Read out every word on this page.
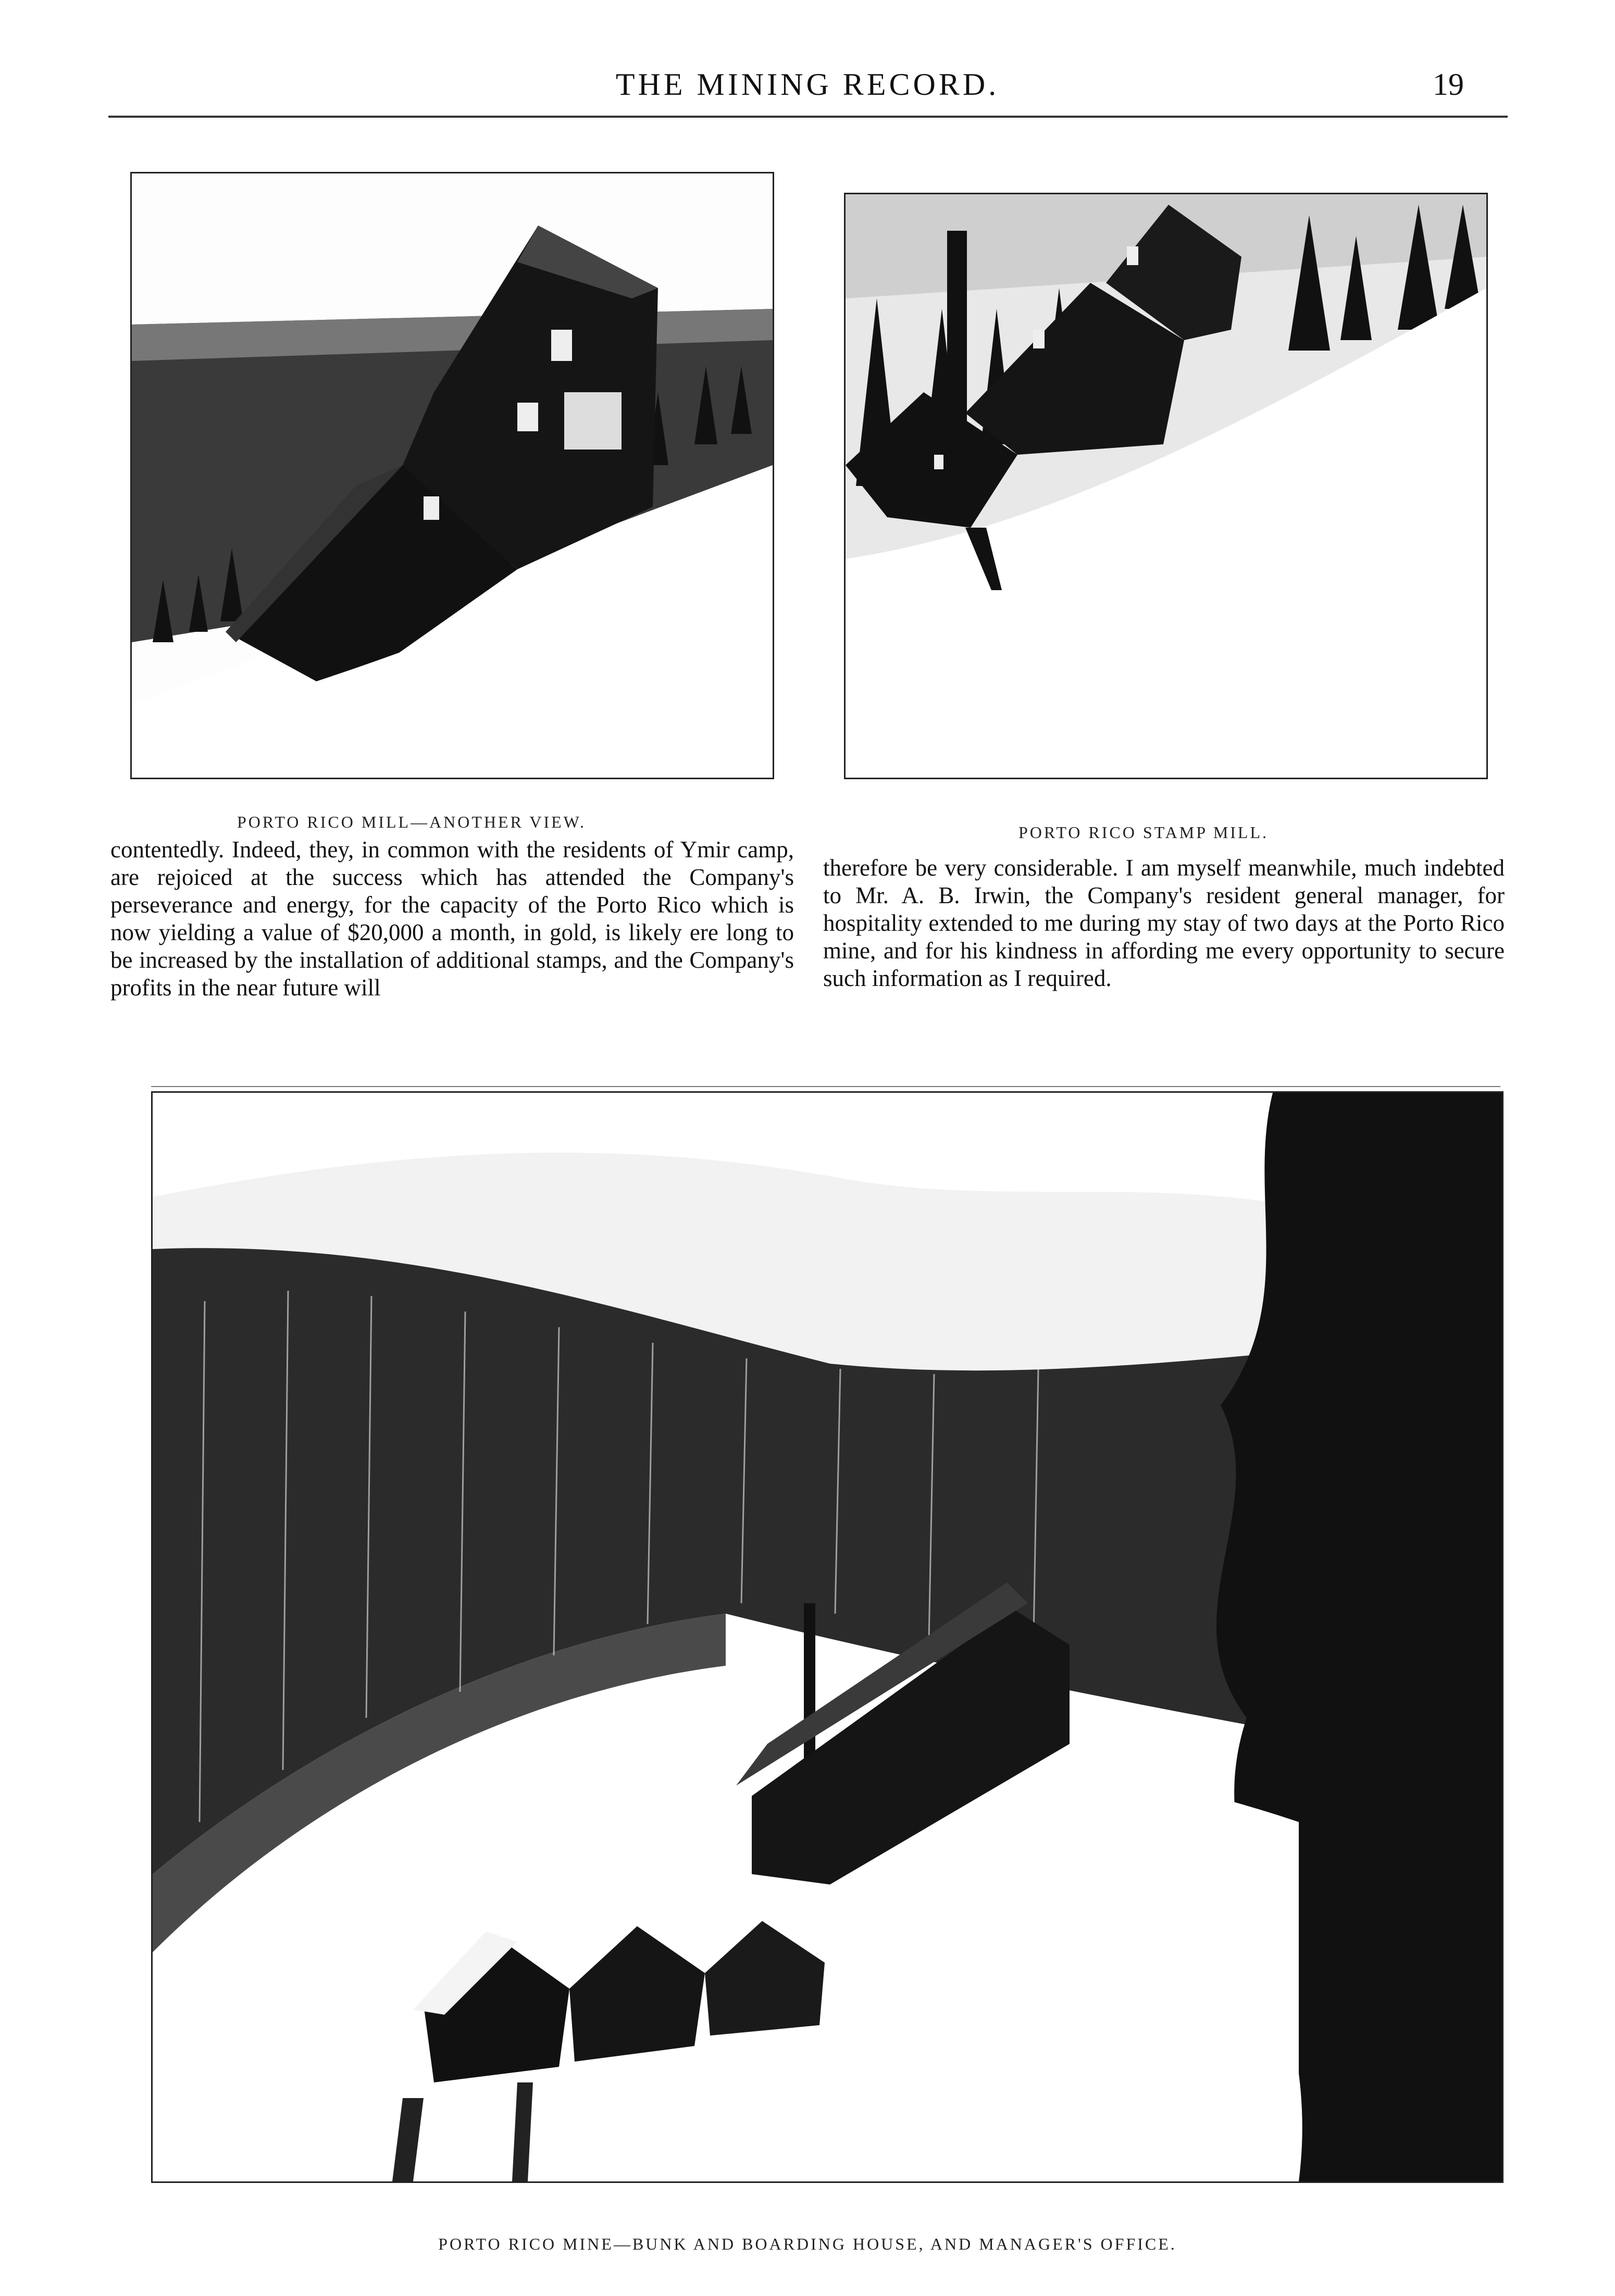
THE MINING RECORD.	19
PORTO RICO MILL—ANOTHER VIEW.
PORTO RICO STAMP MILL.
contentedly. Indeed, they, in common with the residents of Ymir camp, are rejoiced at the success which has attended the Company's perseverance and energy, for the capacity of the Porto Rico which is now yielding a value of $20,000 a month, in gold, is likely ere long to be increased by the installation of additional stamps, and the Company's profits in the near future will
therefore be very considerable. I am myself meanwhile, much indebted to Mr. A. B. Irwin, the Company's resident general manager, for hospitality extended to me during my stay of two days at the Porto Rico mine, and for his kindness in affording me every opportunity to secure such information as I required.
PORTO RICO MINE—BUNK AND BOARDING HOUSE, AND MANAGER'S OFFICE.
